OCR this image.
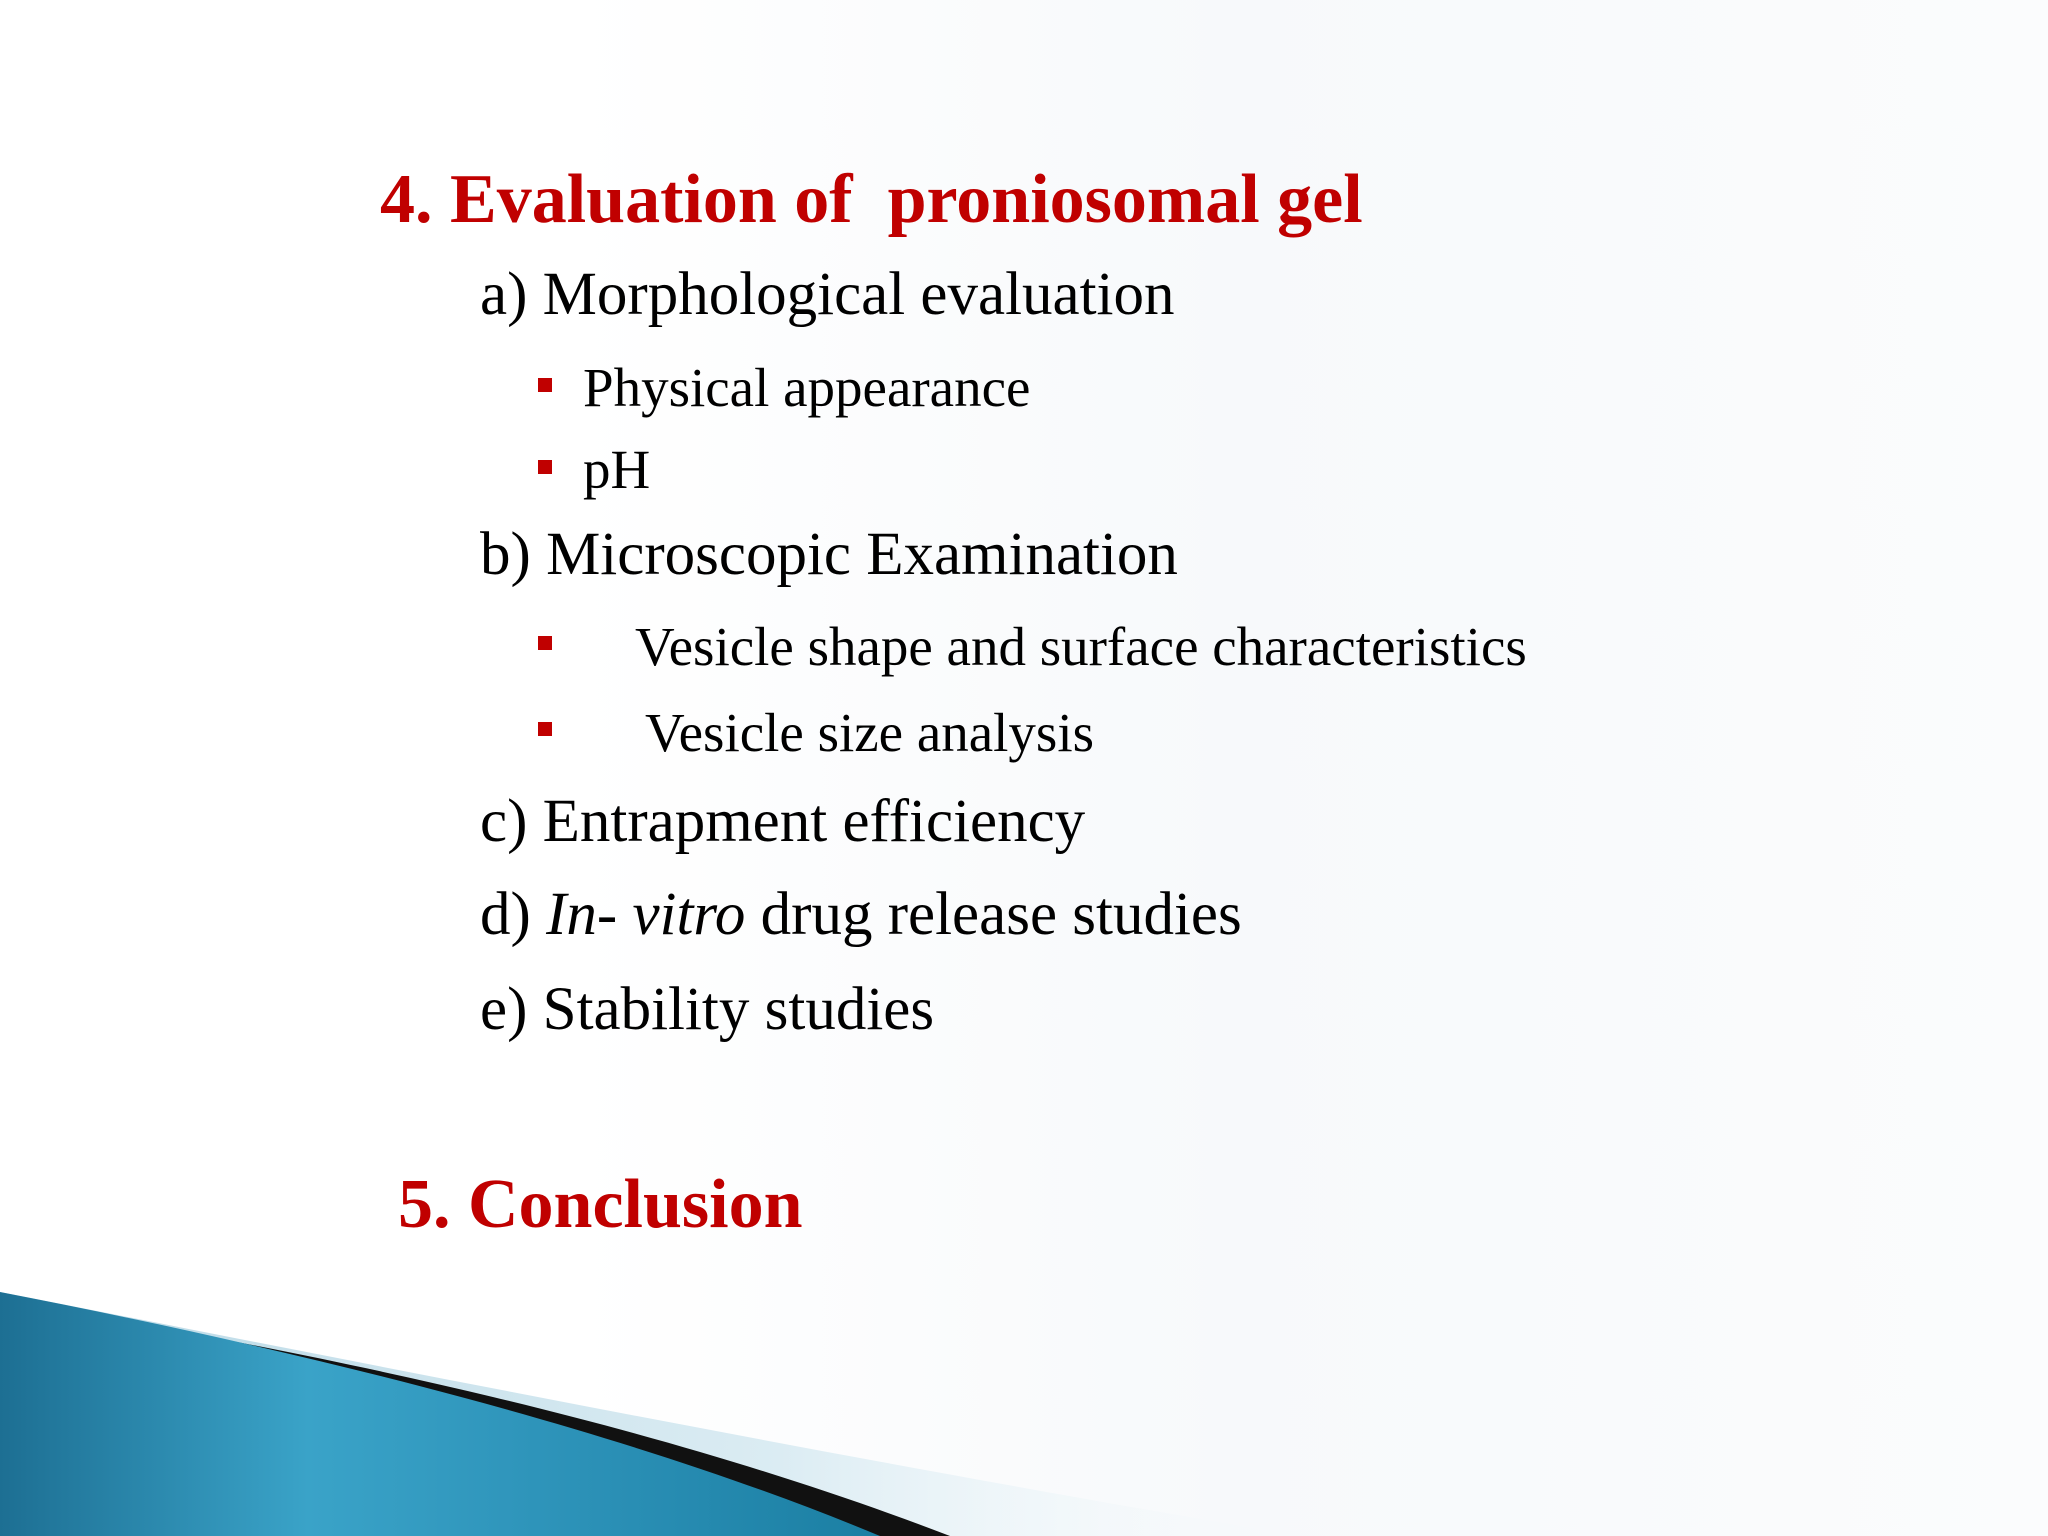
4. Evaluation of  proniosomal gel
a) Morphological evaluation
Physical appearance
pH
b) Microscopic Examination
Vesicle shape and surface characteristics
Vesicle size analysis
c) Entrapment efficiency
d) In- vitro drug release studies
e) Stability studies
5. Conclusion
